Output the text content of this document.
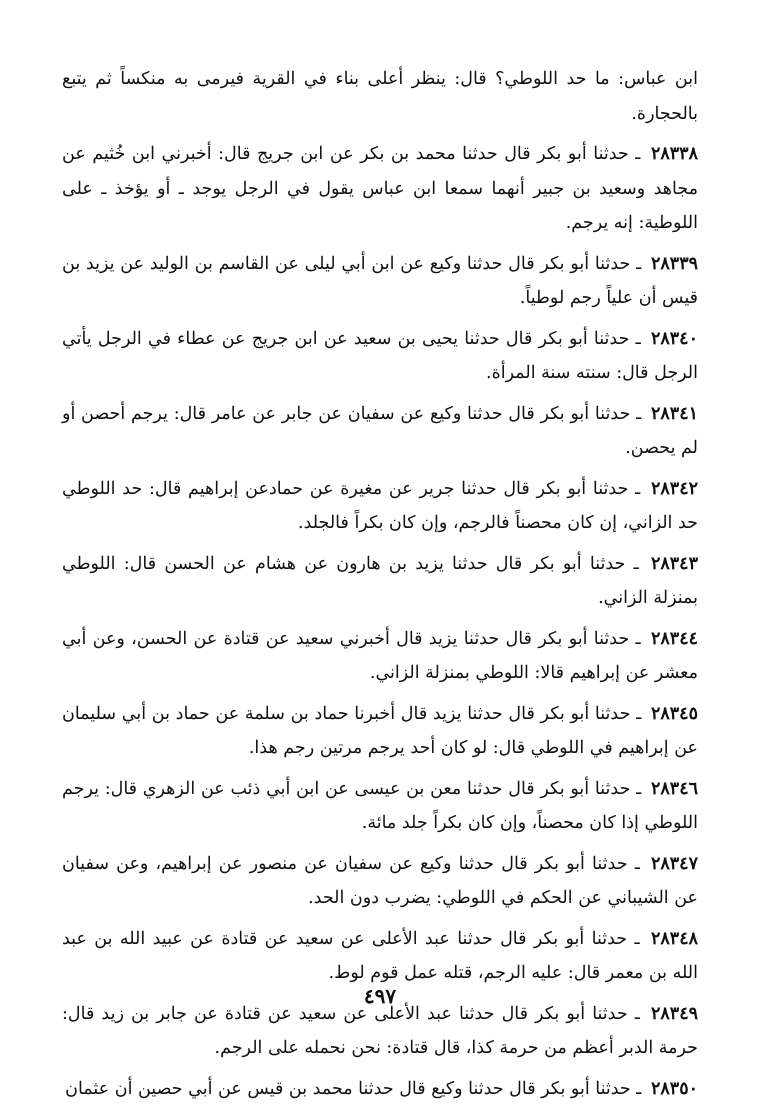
ابن عباس: ما حد اللوطي؟ قال: ينظر أعلى بناء في القرية فيرمى به منكساً ثم يتبع بالحجارة.

٢٨٣٣٨ ـ حدثنا أبو بكر قال حدثنا محمد بن بكر عن ابن جريج قال: أخبرني ابن خُثيم عن مجاهد وسعيد بن جبير أنهما سمعا ابن عباس يقول في الرجل يوجد ـ أو يؤخذ ـ على اللوطية: إنه يرجم.

٢٨٣٣٩ ـ حدثنا أبو بكر قال حدثنا وكيع عن ابن أبي ليلى عن القاسم بن الوليد عن يزيد بن قيس أن علياً رجم لوطياً.

٢٨٣٤٠ ـ حدثنا أبو بكر قال حدثنا يحيى بن سعيد عن ابن جريج عن عطاء في الرجل يأتي الرجل قال: سنته سنة المرأة.

٢٨٣٤١ ـ حدثنا أبو بكر قال حدثنا وكيع عن سفيان عن جابر عن عامر قال: يرجم أحصن أو لم يحصن.

٢٨٣٤٢ ـ حدثنا أبو بكر قال حدثنا جرير عن مغيرة عن حمادعن إبراهيم قال: حد اللوطي حد الزاني، إن كان محصناً فالرجم، وإن كان بكراً فالجلد.

٢٨٣٤٣ ـ حدثنا أبو بكر قال حدثنا يزيد بن هارون عن هشام عن الحسن قال: اللوطي بمنزلة الزاني.

٢٨٣٤٤ ـ حدثنا أبو بكر قال حدثنا يزيد قال أخبرني سعيد عن قتادة عن الحسن، وعن أبي معشر عن إبراهيم قالا: اللوطي بمنزلة الزاني.

٢٨٣٤٥ ـ حدثنا أبو بكر قال حدثنا يزيد قال أخبرنا حماد بن سلمة عن حماد بن أبي سليمان عن إبراهيم في اللوطي قال: لو كان أحد يرجم مرتين رجم هذا.

٢٨٣٤٦ ـ حدثنا أبو بكر قال حدثنا معن بن عيسى عن ابن أبي ذئب عن الزهري قال: يرجم اللوطي إذا كان محصناً، وإن كان بكراً جلد مائة.

٢٨٣٤٧ ـ حدثنا أبو بكر قال حدثنا وكيع عن سفيان عن منصور عن إبراهيم، وعن سفيان عن الشيباني عن الحكم في اللوطي: يضرب دون الحد.

٢٨٣٤٨ ـ حدثنا أبو بكر قال حدثنا عبد الأعلى عن سعيد عن قتادة عن عبيد الله بن عبد الله بن معمر قال: عليه الرجم، قتله عمل قوم لوط.

٢٨٣٤٩ ـ حدثنا أبو بكر قال حدثنا عبد الأعلى عن سعيد عن قتادة عن جابر بن زيد قال: حرمة الدبر أعظم من حرمة كذا، قال قتادة: نحن نحمله على الرجم.

٢٨٣٥٠ ـ حدثنا أبو بكر قال حدثنا وكيع قال حدثنا محمد بن قيس عن أبي حصين أن عثمان

٤٩٧
